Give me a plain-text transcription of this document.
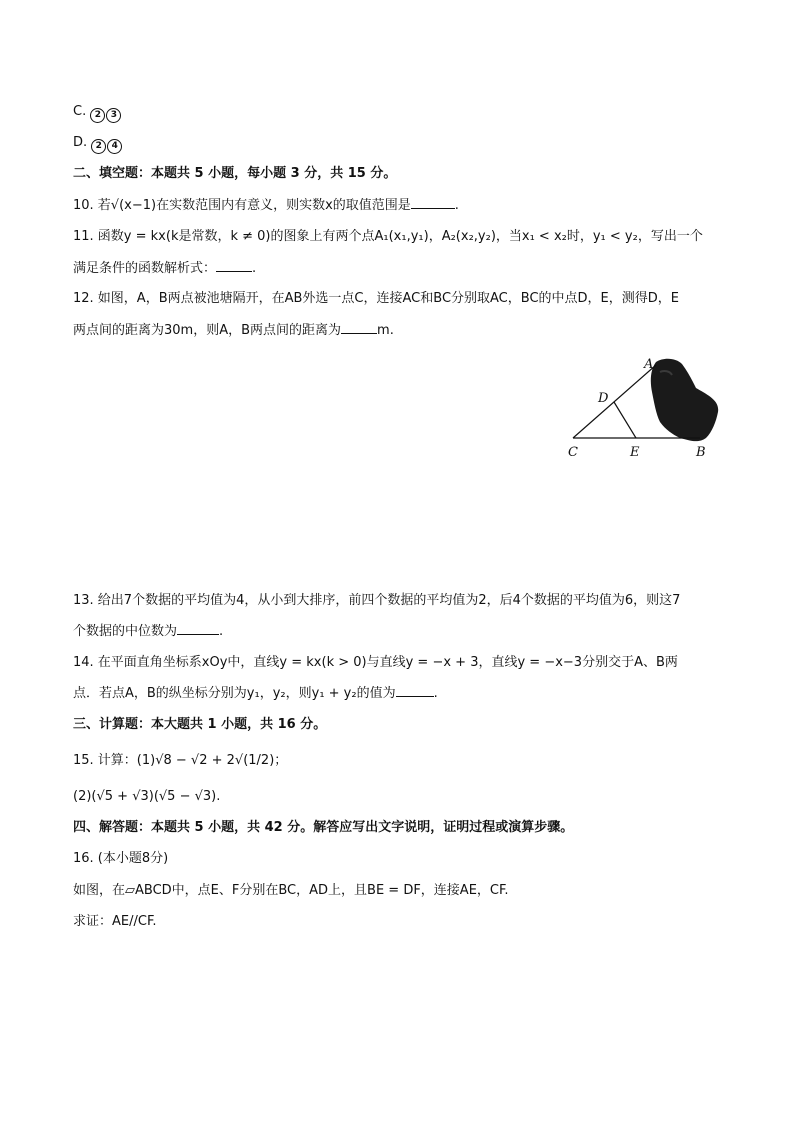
C. 2 3
D. 2 4
二、填空题：本题共 5 小题，每小题 3 分，共 15 分。
10. 若√(x−1)在实数范围内有意义，则实数x的取值范围是	.
11. 函数y = kx(k是常数，k ≠ 0)的图象上有两个点A₁(x₁,y₁)，A₂(x₂,y₂)，当x₁ < x₂时，y₁ < y₂，写出一个
满足条件的函数解析式：	.
12. 如图，A，B两点被池塘隔开，在AB外选一点C，连接AC和BC分别取AC，BC的中点D，E，测得D，E
两点间的距离为30m，则A，B两点间的距离为	m.
A
D
C	E	B
13. 给出7个数据的平均值为4，从小到大排序，前四个数据的平均值为2，后4个数据的平均值为6，则这7
个数据的中位数为	.
14. 在平面直角坐标系xOy中，直线y = kx(k > 0)与直线y = −x + 3，直线y = −x−3分别交于A、B两
点．若点A，B的纵坐标分别为y₁，y₂，则y₁ + y₂的值为	.
三、计算题：本大题共 1 小题，共 16 分。
15. 计算：(1)√8 − √2 + 2√(1/2)；
(2)(√5 + √3)(√5 − √3).
四、解答题：本题共 5 小题，共 42 分。解答应写出文字说明，证明过程或演算步骤。
16. (本小题8分)
如图，在▱ABCD中，点E、F分别在BC，AD上，且BE = DF，连接AE，CF.
求证：AE//CF.
